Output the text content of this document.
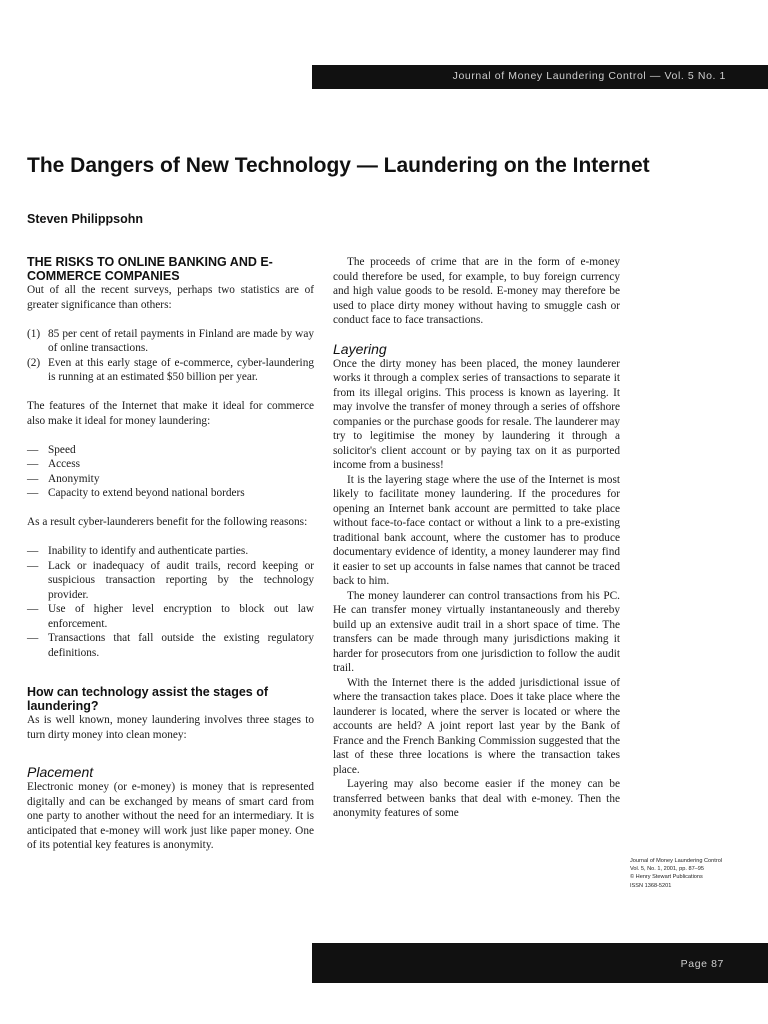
Journal of Money Laundering Control — Vol. 5 No. 1
The Dangers of New Technology — Laundering on the Internet

Steven Philippsohn

THE RISKS TO ONLINE BANKING AND E-COMMERCE COMPANIES

Out of all the recent surveys, perhaps two statistics are of greater significance than others:

(1) 85 per cent of retail payments in Finland are made by way of online transactions.
(2) Even at this early stage of e-commerce, cyber-laundering is running at an estimated $50 billion per year.

The features of the Internet that make it ideal for commerce also make it ideal for money laundering:

— Speed
— Access
— Anonymity
— Capacity to extend beyond national borders

As a result cyber-launderers benefit for the following reasons:

— Inability to identify and authenticate parties.
— Lack or inadequacy of audit trails, record keeping or suspicious transaction reporting by the technology provider.
— Use of higher level encryption to block out law enforcement.
— Transactions that fall outside the existing regulatory definitions.
How can technology assist the stages of laundering?

As is well known, money laundering involves three stages to turn dirty money into clean money:

Placement

Electronic money (or e-money) is money that is represented digitally and can be exchanged by means of smart card from one party to another without the need for an intermediary. It is anticipated that e-money will work just like paper money. One of its potential key features is anonymity.

The proceeds of crime that are in the form of e-money could therefore be used, for example, to buy foreign currency and high value goods to be resold. E-money may therefore be used to place dirty money without having to smuggle cash or conduct face to face transactions.

Layering

Once the dirty money has been placed, the money launderer works it through a complex series of transactions to separate it from its illegal origins. This process is known as layering. It may involve the transfer of money through a series of offshore companies or the purchase goods for resale. The launderer may try to legitimise the money by laundering it through a solicitor's client account or by paying tax on it as purported income from a business!

It is the layering stage where the use of the Internet is most likely to facilitate money laundering. If the procedures for opening an Internet bank account are permitted to take place without face-to-face contact or without a link to a pre-existing traditional bank account, where the customer has to produce documentary evidence of identity, a money launderer may find it easier to set up accounts in false names that cannot be traced back to him.

The money launderer can control transactions from his PC. He can transfer money virtually instantaneously and thereby build up an extensive audit trail in a short space of time. The transfers can be made through many jurisdictions making it harder for prosecutors from one jurisdiction to follow the audit trail.

With the Internet there is the added jurisdictional issue of where the transaction takes place. Does it take place where the launderer is located, where the server is located or where the accounts are held? A joint report last year by the Bank of France and the French Banking Commission suggested that the last of these three locations is where the transaction takes place.

Layering may also become easier if the money can be transferred between banks that deal with e-money. Then the anonymity features of some

Journal of Money Laundering Control
Vol. 5, No. 1, 2001, pp. 87–95
© Henry Stewart Publications
ISSN 1368-5201
Page 87
